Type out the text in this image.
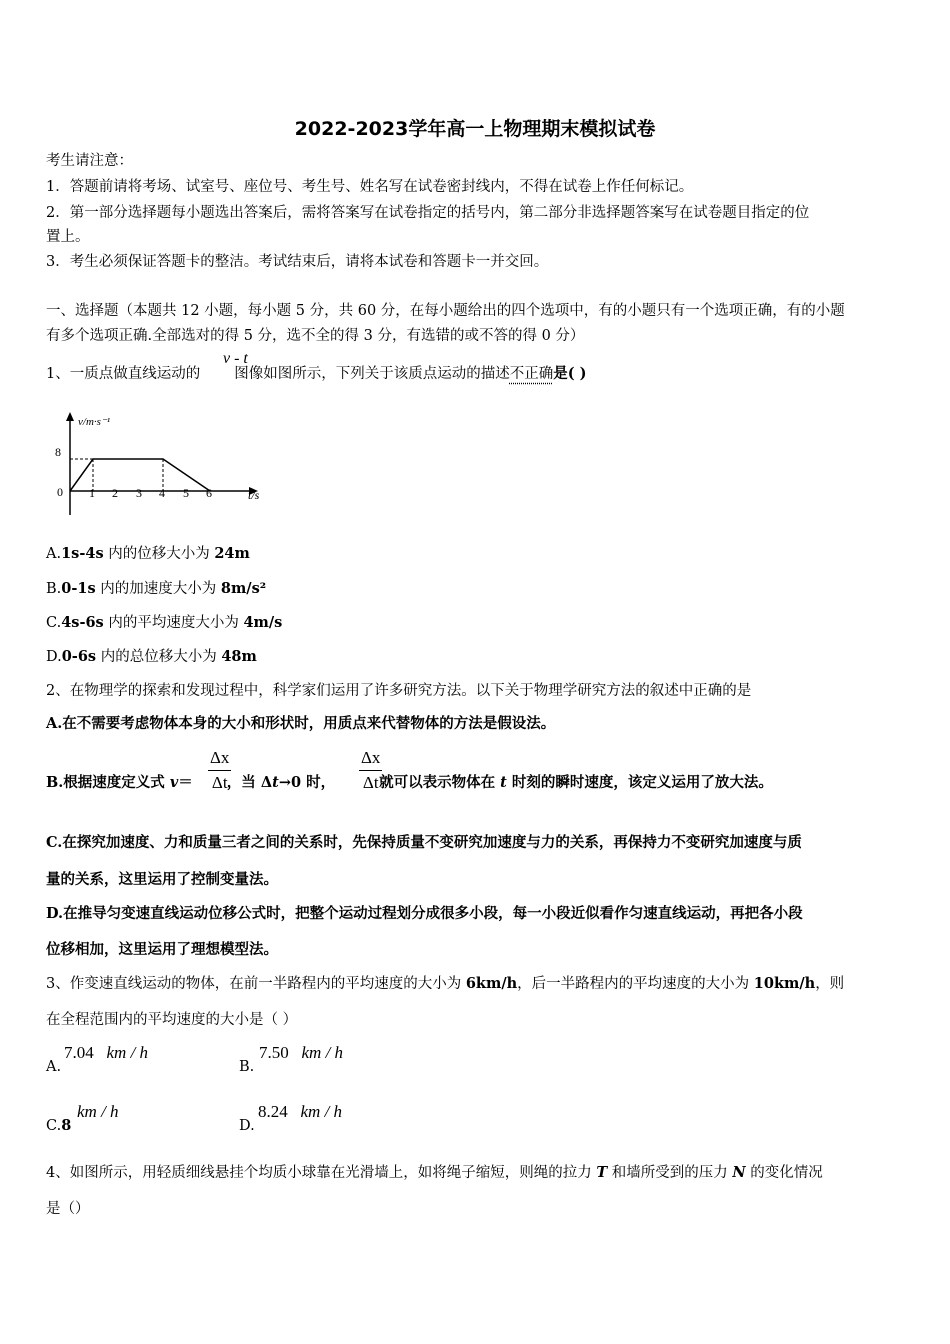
2022-2023学年高一上物理期末模拟试卷
考生请注意：
1．答题前请将考场、试室号、座位号、考生号、姓名写在试卷密封线内，不得在试卷上作任何标记。
2．第一部分选择题每小题选出答案后，需将答案写在试卷指定的括号内，第二部分非选择题答案写在试卷题目指定的位
置上。
3．考生必须保证答题卡的整洁。考试结束后，请将本试卷和答题卡一并交回。
一、选择题（本题共 12 小题，每小题 5 分，共 60 分，在每小题给出的四个选项中，有的小题只有一个选项正确，有的小题
有多个选项正确.全部选对的得 5 分，选不全的得 3 分，有选错的或不答的得 0 分）
1、一质点做直线运动的 图像如图所示，下列关于该质点运动的描述不正确是( )
v - t
v/m·s⁻¹
t/s
8
0 1 2 3 4 5 6
A.1s-4s 内的位移大小为 24m
B.0-1s 内的加速度大小为 8m/s²
C.4s-6s 内的平均速度大小为 4m/s
D.0-6s 内的总位移大小为 48m
2、在物理学的探索和发现过程中，科学家们运用了许多研究方法。以下关于物理学研究方法的叙述中正确的是
A.在不需要考虑物体本身的大小和形状时，用质点来代替物体的方法是假设法。
B.根据速度定义式 v＝ ，当 Δt→0 时，	就可以表示物体在 t 时刻的瞬时速度，该定义运用了放大法。
Δx
Δt
Δx
Δt
C.在探究加速度、力和质量三者之间的关系时，先保持质量不变研究加速度与力的关系，再保持力不变研究加速度与质
量的关系，这里运用了控制变量法。
D.在推导匀变速直线运动位移公式时，把整个运动过程划分成很多小段，每一小段近似看作匀速直线运动，再把各小段
位移相加，这里运用了理想模型法。
3、作变速直线运动的物体，在前一半路程内的平均速度的大小为 6km/h，后一半路程内的平均速度的大小为 10km/h，则
在全程范围内的平均速度的大小是（ ）
A.
7.04 km / h
B.
7.50 km / h
C.8
km / h
D.
8.24 km / h
4、如图所示，用轻质细线悬挂个均质小球靠在光滑墙上，如将绳子缩短，则绳的拉力 T 和墙所受到的压力 N 的变化情况
是（）
